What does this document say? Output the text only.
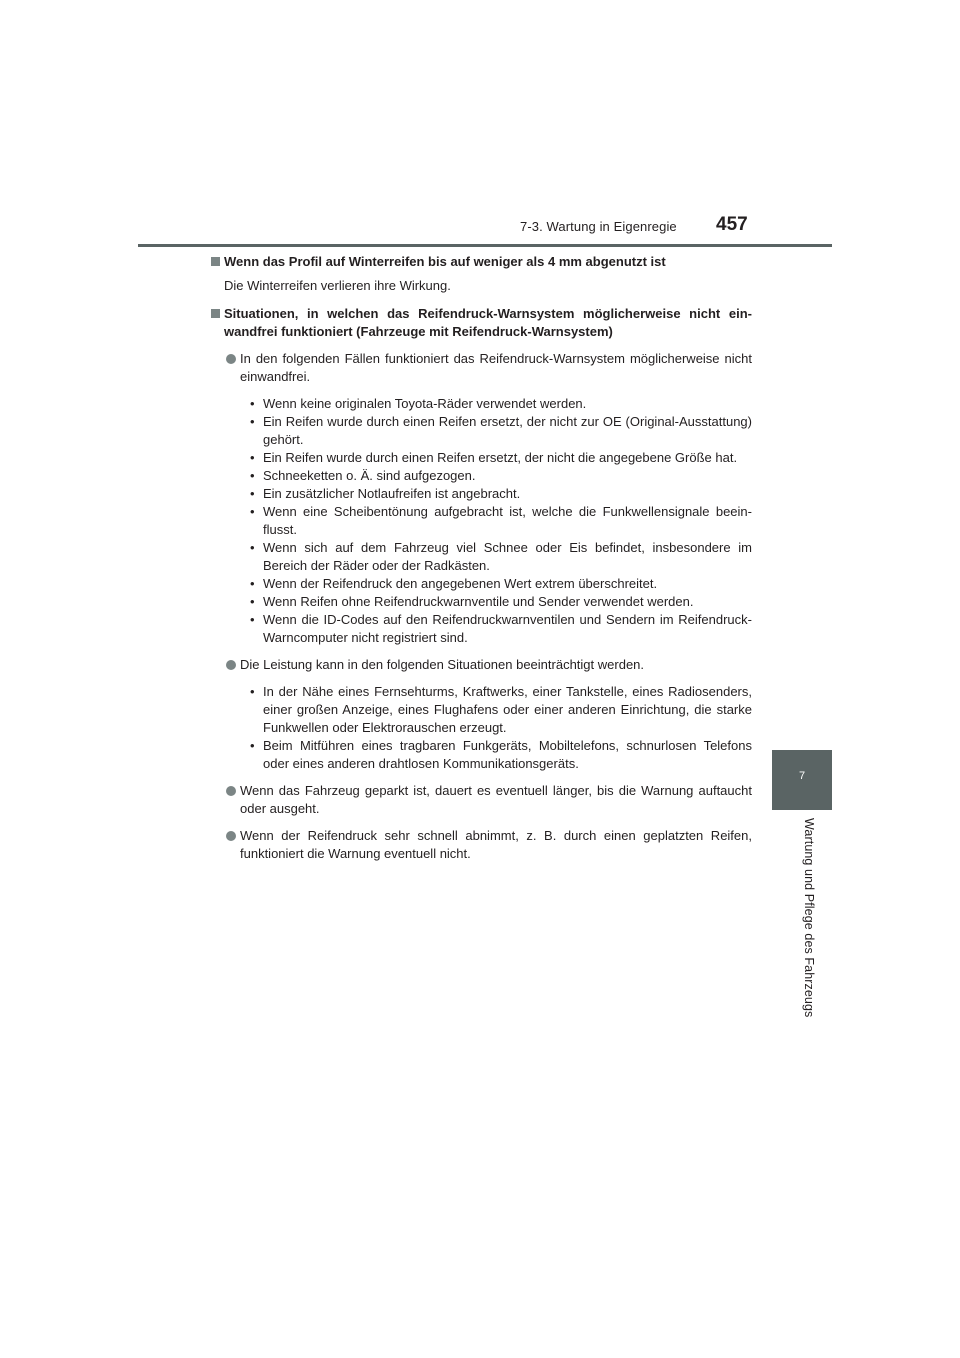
7-3. Wartung in Eigenregie 457
7
Wartung und Pflege des Fahrzeugs
Wenn das Profil auf Winterreifen bis auf weniger als 4 mm abgenutzt ist
Die Winterreifen verlieren ihre Wirkung.
Situationen, in welchen das Reifendruck-Warnsystem möglicherweise nicht einwandfrei funktioniert (Fahrzeuge mit Reifendruck-Warnsystem)
In den folgenden Fällen funktioniert das Reifendruck-Warnsystem möglicherweise nicht einwandfrei.
• Wenn keine originalen Toyota-Räder verwendet werden.
• Ein Reifen wurde durch einen Reifen ersetzt, der nicht zur OE (Original-Ausstattung) gehört.
• Ein Reifen wurde durch einen Reifen ersetzt, der nicht die angegebene Größe hat.
• Schneeketten o. Ä. sind aufgezogen.
• Ein zusätzlicher Notlaufreifen ist angebracht.
• Wenn eine Scheibentönung aufgebracht ist, welche die Funkwellensignale beeinflusst.
• Wenn sich auf dem Fahrzeug viel Schnee oder Eis befindet, insbesondere im Bereich der Räder oder der Radkästen.
• Wenn der Reifendruck den angegebenen Wert extrem überschreitet.
• Wenn Reifen ohne Reifendruckwarnventile und Sender verwendet werden.
• Wenn die ID-Codes auf den Reifendruckwarnventilen und Sendern im Reifendruck-Warncomputer nicht registriert sind.
Die Leistung kann in den folgenden Situationen beeinträchtigt werden.
• In der Nähe eines Fernsehturms, Kraftwerks, einer Tankstelle, eines Radiosenders, einer großen Anzeige, eines Flughafens oder einer anderen Einrichtung, die starke Funkwellen oder Elektrorauschen erzeugt.
• Beim Mitführen eines tragbaren Funkgeräts, Mobiltelefons, schnurlosen Telefons oder eines anderen drahtlosen Kommunikationsgeräts.
Wenn das Fahrzeug geparkt ist, dauert es eventuell länger, bis die Warnung auftaucht oder ausgeht.
Wenn der Reifendruck sehr schnell abnimmt, z. B. durch einen geplatzten Reifen, funktioniert die Warnung eventuell nicht.
